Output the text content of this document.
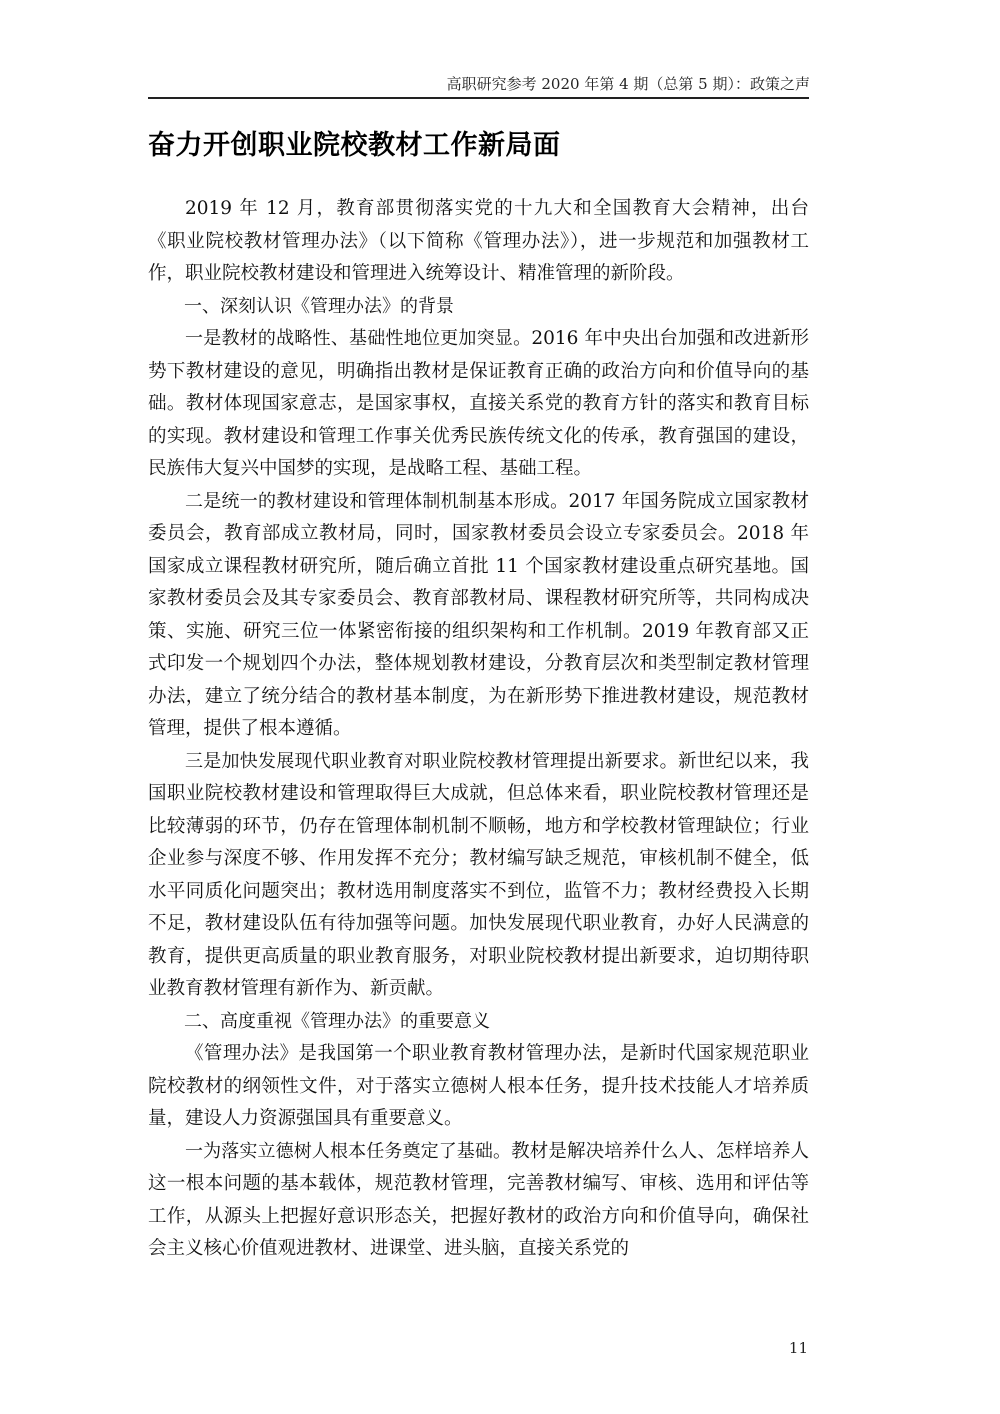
高职研究参考 2020 年第 4 期（总第 5 期）：政策之声
奋力开创职业院校教材工作新局面

2019 年 12 月，教育部贯彻落实党的十九大和全国教育大会精神，出台《职业院校教材管理办法》（以下简称《管理办法》），进一步规范和加强教材工作，职业院校教材建设和管理进入统筹设计、精准管理的新阶段。

一、深刻认识《管理办法》的背景

一是教材的战略性、基础性地位更加突显。2016 年中央出台加强和改进新形势下教材建设的意见，明确指出教材是保证教育正确的政治方向和价值导向的基础。教材体现国家意志，是国家事权，直接关系党的教育方针的落实和教育目标的实现。教材建设和管理工作事关优秀民族传统文化的传承，教育强国的建设，民族伟大复兴中国梦的实现，是战略工程、基础工程。

二是统一的教材建设和管理体制机制基本形成。2017 年国务院成立国家教材委员会，教育部成立教材局，同时，国家教材委员会设立专家委员会。2018 年国家成立课程教材研究所，随后确立首批 11 个国家教材建设重点研究基地。国家教材委员会及其专家委员会、教育部教材局、课程教材研究所等，共同构成决策、实施、研究三位一体紧密衔接的组织架构和工作机制。2019 年教育部又正式印发一个规划四个办法，整体规划教材建设，分教育层次和类型制定教材管理办法，建立了统分结合的教材基本制度，为在新形势下推进教材建设，规范教材管理，提供了根本遵循。

三是加快发展现代职业教育对职业院校教材管理提出新要求。新世纪以来，我国职业院校教材建设和管理取得巨大成就，但总体来看，职业院校教材管理还是比较薄弱的环节，仍存在管理体制机制不顺畅，地方和学校教材管理缺位；行业企业参与深度不够、作用发挥不充分；教材编写缺乏规范，审核机制不健全，低水平同质化问题突出；教材选用制度落实不到位，监管不力；教材经费投入长期不足，教材建设队伍有待加强等问题。加快发展现代职业教育，办好人民满意的教育，提供更高质量的职业教育服务，对职业院校教材提出新要求，迫切期待职业教育教材管理有新作为、新贡献。

二、高度重视《管理办法》的重要意义

《管理办法》是我国第一个职业教育教材管理办法，是新时代国家规范职业院校教材的纲领性文件，对于落实立德树人根本任务，提升技术技能人才培养质量，建设人力资源强国具有重要意义。

一为落实立德树人根本任务奠定了基础。教材是解决培养什么人、怎样培养人这一根本问题的基本载体，规范教材管理，完善教材编写、审核、选用和评估等工作，从源头上把握好意识形态关，把握好教材的政治方向和价值导向，确保社会主义核心价值观进教材、进课堂、进头脑，直接关系党的

11
